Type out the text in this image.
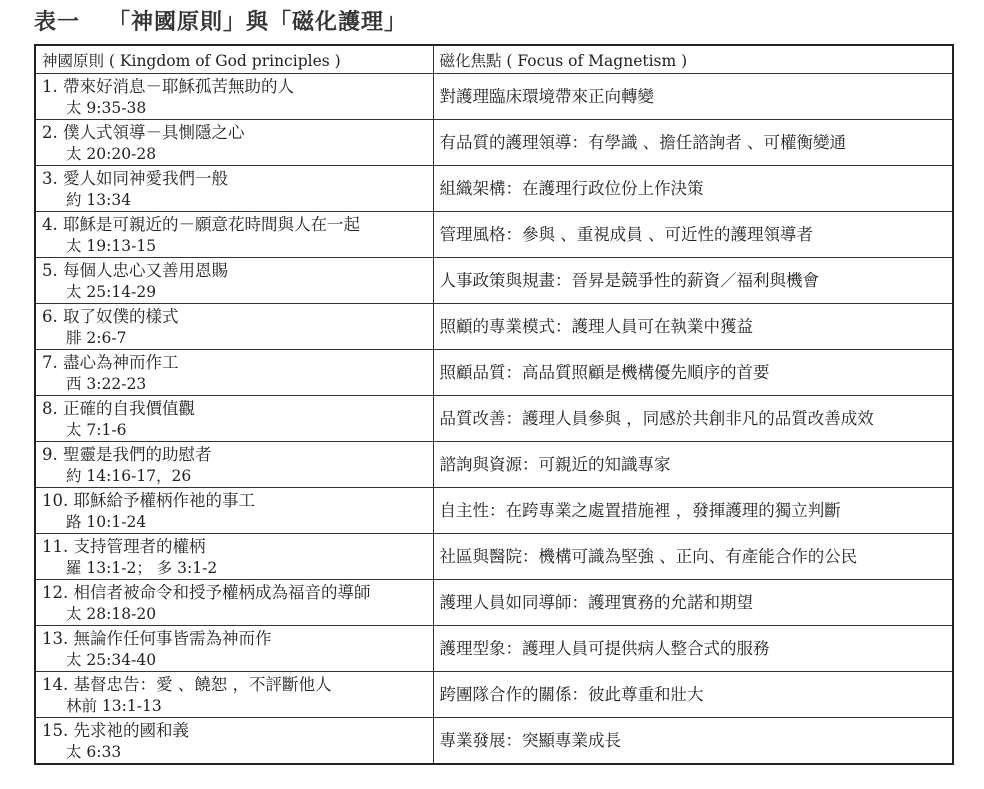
表一 「神國原則」與「磁化護理」
神國原則 ( Kingdom of God principles )	磁化焦點 ( Focus of Magnetism )

1. 帶來好消息－耶穌孤苦無助的人
太 9:35-38	對護理臨床環境帶來正向轉變

2. 僕人式領導－具惻隱之心
太 20:20-28	有品質的護理領導：有學識 、擔任諮詢者 、可權衡變通

3. 愛人如同神愛我們一般
約 13:34	組織架構：在護理行政位份上作決策

4. 耶穌是可親近的－願意花時間與人在一起
太 19:13-15	管理風格：參與 、重視成員 、可近性的護理領導者

5. 每個人忠心又善用恩賜
太 25:14-29	人事政策與規畫：晉昇是競爭性的薪資／福利與機會

6. 取了奴僕的樣式
腓 2:6-7	照顧的專業模式：護理人員可在執業中獲益

7. 盡心為神而作工
西 3:22-23	照顧品質：高品質照顧是機構優先順序的首要

8. 正確的自我價值觀
太 7:1-6	品質改善：護理人員參與 ，同感於共創非凡的品質改善成效

9. 聖靈是我們的助慰者
約 14:16-17，26	諮詢與資源：可親近的知識專家

10. 耶穌給予權柄作祂的事工
路 10:1-24	自主性：在跨專業之處置措施裡 ，發揮護理的獨立判斷

11. 支持管理者的權柄
羅 13:1-2； 多 3:1-2	社區與醫院：機構可識為堅強 、正向、有產能合作的公民

12. 相信者被命令和授予權柄成為福音的導師
太 28:18-20	護理人員如同導師：護理實務的允諾和期望

13. 無論作任何事皆需為神而作
太 25:34-40	護理型象：護理人員可提供病人整合式的服務

14. 基督忠告：愛 、饒恕 ，不評斷他人
林前 13:1-13	跨團隊合作的關係：彼此尊重和壯大

15. 先求祂的國和義
太 6:33	專業發展：突顯專業成長
